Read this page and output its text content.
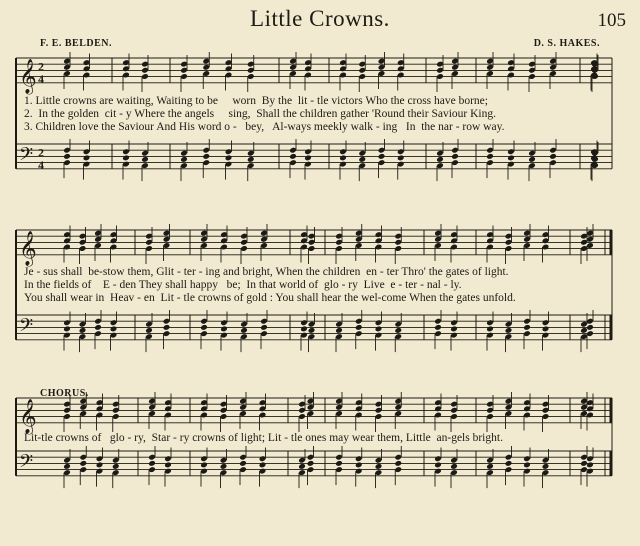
Little Crowns.	105
F. E. BELDEN.	D. S. HAKES.
CHORUS.
𝄞
𝄢
2
4
2
4
𝄞
𝄢
𝄞
𝄢
1. Little crowns are waiting, Waiting to be     worn  By the  lit - tle victors Who the cross have borne;
2.  In the golden  cit - y Where the angels     sing,  Shall the children gather 'Round their Saviour King.
3. Children love the Saviour And His word o -   bey,   Al-ways meekly walk - ing   In  the nar - row way.
Je - sus shall  be-stow them, Glit - ter - ing and bright, When the children  en - ter Thro' the gates of light.
In the fields of    E - den They shall happy   be;  In that world of  glo - ry  Live  e - ter - nal - ly.
You shall wear in  Heav - en  Lit - tle crowns of gold : You shall hear the wel-come When the gates unfold.
Lit-tle crowns of   glo - ry,  Star - ry crowns of light; Lit - tle ones may wear them, Little  an-gels bright.
